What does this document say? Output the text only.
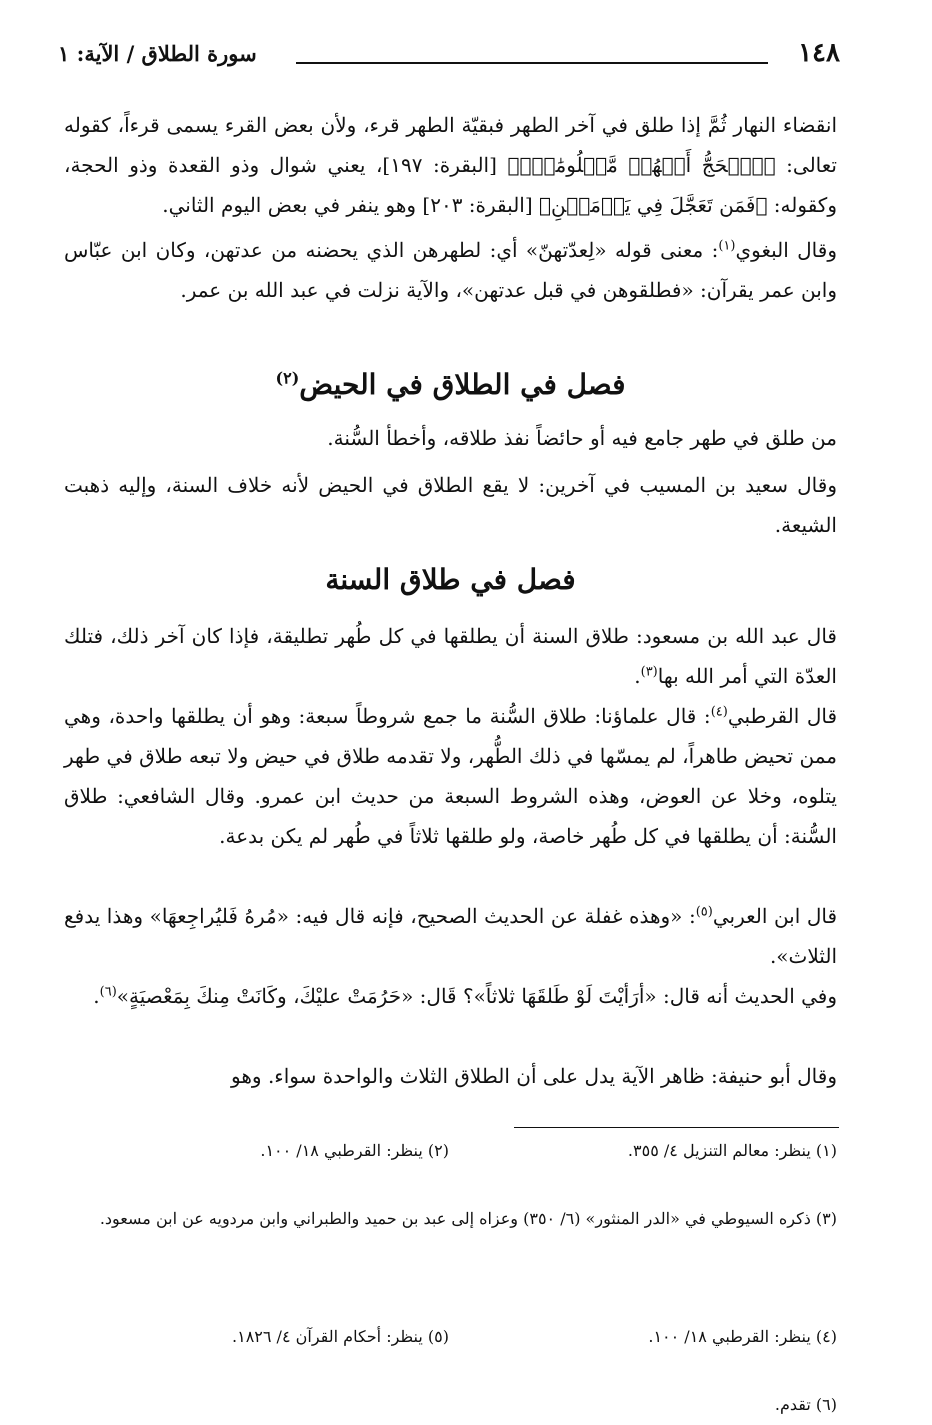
١٤٨
سورة الطلاق / الآية: ١

انقضاء النهار ثُمَّ إذا طلق في آخر الطهر فبقيّة الطهر قرء، ولأن بعض القرء يسمى قرءاً، كقوله تعالى: ﴿ٱلۡحَجُّ أَشۡهُرٞ مَّعۡلُومَٰتٞۚ﴾ [البقرة: ١٩٧]، يعني شوال وذو القعدة وذو الحجة، وكقوله: ﴿فَمَن تَعَجَّلَ فِي يَوۡمَيۡنِ﴾ [البقرة: ٢٠٣] وهو ينفر في بعض اليوم الثاني.

وقال البغوي$^{(١)}$: معنى قوله «لِعدّتهنّ» أي: لطهرهن الذي يحضنه من عدتهن، وكان ابن عبّاس وابن عمر يقرآن: «فطلقوهن في قبل عدتهن»، والآية نزلت في عبد الله بن عمر.

فصل في الطلاق في الحيض$^{(٢)}$

من طلق في طهر جامع فيه أو حائضاً نفذ طلاقه، وأخطأ السُّنة.

وقال سعيد بن المسيب في آخرين: لا يقع الطلاق في الحيض لأنه خلاف السنة، وإليه ذهبت الشيعة.

فصل في طلاق السنة

قال عبد الله بن مسعود: طلاق السنة أن يطلقها في كل طُهر تطليقة، فإذا كان آخر ذلك، فتلك العدّة التي أمر الله بها$^{(٣)}$.

قال القرطبي$^{(٤)}$: قال علماؤنا: طلاق السُّنة ما جمع شروطاً سبعة: وهو أن يطلقها واحدة، وهي ممن تحيض طاهراً، لم يمسّها في ذلك الطُّهر، ولا تقدمه طلاق في حيض ولا تبعه طلاق في طهر يتلوه، وخلا عن العوض، وهذه الشروط السبعة من حديث ابن عمرو. وقال الشافعي: طلاق السُّنة: أن يطلقها في كل طُهر خاصة، ولو طلقها ثلاثاً في طُهر لم يكن بدعة.

قال ابن العربي$^{(٥)}$: «وهذه غفلة عن الحديث الصحيح، فإنه قال فيه: «مُرهُ فَليُراجِعهَا» وهذا يدفع الثلاث».

وفي الحديث أنه قال: «أرَأيْتَ لَوْ طَلقَهَا ثلاثاً»؟ قَال: «حَرُمَتْ عليْكَ، وكَانَتْ مِنكَ بِمَعْصيَةٍ»$^{(٦)}$.

وقال أبو حنيفة: ظاهر الآية يدل على أن الطلاق الثلاث والواحدة سواء. وهو

(١) ينظر: معالم التنزيل ٤/ ٣٥٥.
(٢) ينظر: القرطبي ١٨/ ١٠٠.
(٣) ذكره السيوطي في «الدر المنثور» (٦/ ٣٥٠) وعزاه إلى عبد بن حميد والطبراني وابن مردويه عن ابن مسعود.
(٤) ينظر: القرطبي ١٨/ ١٠٠.
(٥) ينظر: أحكام القرآن ٤/ ١٨٢٦.
(٦) تقدم.
